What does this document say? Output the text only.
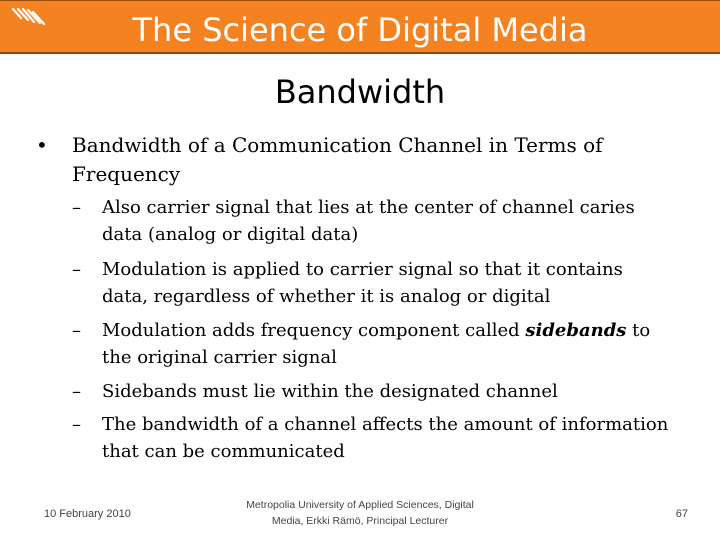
The Science of Digital Media
Bandwidth
•	Bandwidth of a Communication Channel in Terms of Frequency
–	Also carrier signal that lies at the center of channel caries data (analog or digital data)
–	Modulation is applied to carrier signal so that it contains data, regardless of whether it is analog or digital
–	Modulation adds frequency component called sidebands to the original carrier signal
–	Sidebands must lie within the designated channel
–	The bandwidth of a channel affects the amount of information that can be communicated
10 February 2010
Metropolia University of Applied Sciences, Digital
Media, Erkki Rämö, Principal Lecturer
67
